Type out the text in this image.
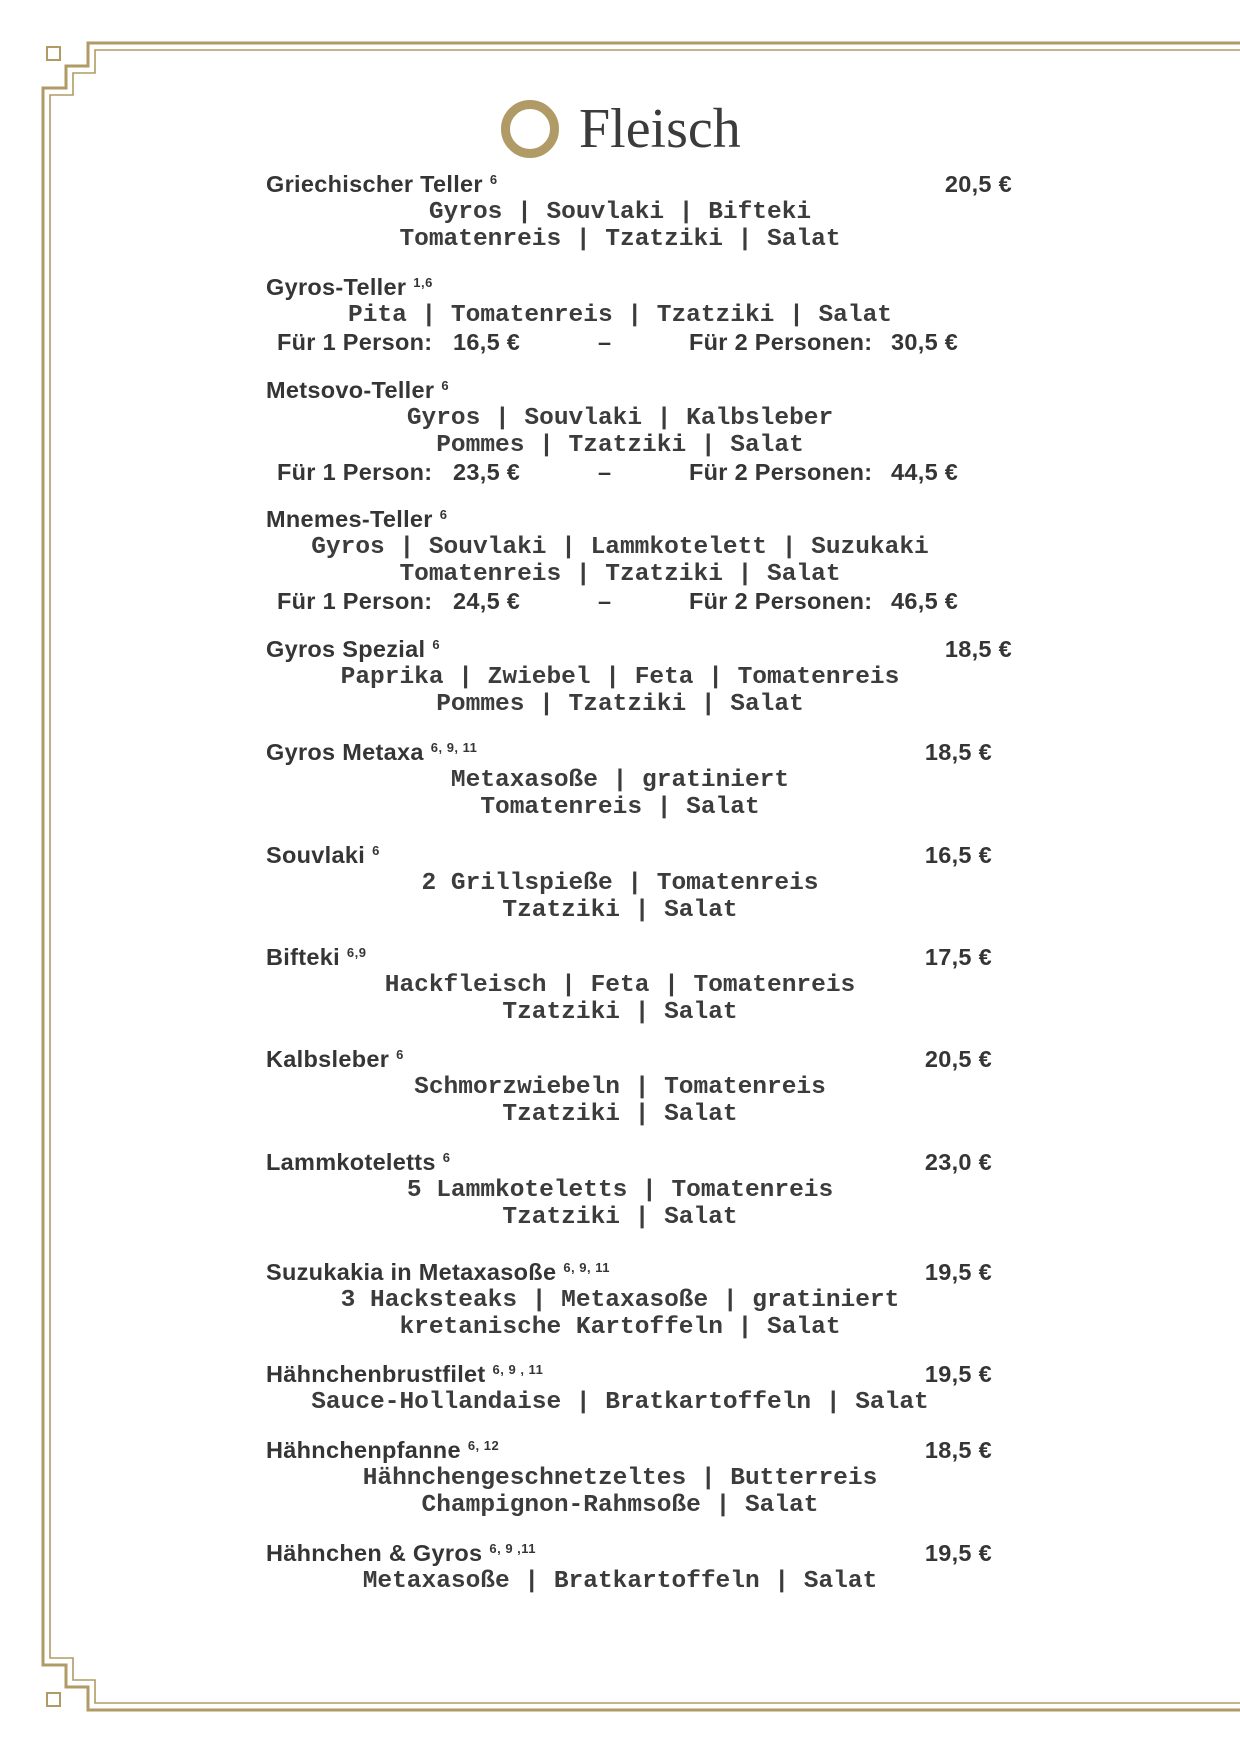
Fleisch
Griechischer Teller $^6$	20,5 €
Gyros | Souvlaki | Bifteki
Tomatenreis | Tzatziki | Salat
Gyros-Teller $^{1,6}$
Pita | Tomatenreis | Tzatziki | Salat
Für 1 Person: 16,5 €	–	Für 2 Personen: 30,5 €
Metsovo-Teller $^6$
Gyros | Souvlaki | Kalbsleber
Pommes | Tzatziki | Salat
Für 1 Person: 23,5 €	–	Für 2 Personen: 44,5 €
Mnemes-Teller $^6$
Gyros | Souvlaki | Lammkotelett | Suzukaki
Tomatenreis | Tzatziki | Salat
Für 1 Person: 24,5 €	–	Für 2 Personen: 46,5 €
Gyros Spezial $^6$	18,5 €
Paprika | Zwiebel | Feta | Tomatenreis
Pommes | Tzatziki | Salat
Gyros Metaxa $^{6, 9, 11}$	18,5 €
Metaxasoße | gratiniert
Tomatenreis | Salat
Souvlaki $^6$	16,5 €
2 Grillspieße | Tomatenreis
Tzatziki | Salat
Bifteki $^{6,9}$	17,5 €
Hackfleisch | Feta | Tomatenreis
Tzatziki | Salat
Kalbsleber $^6$	20,5 €
Schmorzwiebeln | Tomatenreis
Tzatziki | Salat
Lammkoteletts $^6$	23,0 €
5 Lammkoteletts | Tomatenreis
Tzatziki | Salat
Suzukakia in Metaxasoße $^{6, 9, 11}$	19,5 €
3 Hacksteaks | Metaxasoße | gratiniert
kretanische Kartoffeln | Salat
Hähnchenbrustfilet $^{6, 9 , 11}$	19,5 €
Sauce-Hollandaise | Bratkartoffeln | Salat
Hähnchenpfanne $^{6, 12}$	18,5 €
Hähnchengeschnetzeltes | Butterreis
Champignon-Rahmsoße | Salat
Hähnchen & Gyros $^{6, 9 ,11}$	19,5 €
Metaxasoße | Bratkartoffeln | Salat
